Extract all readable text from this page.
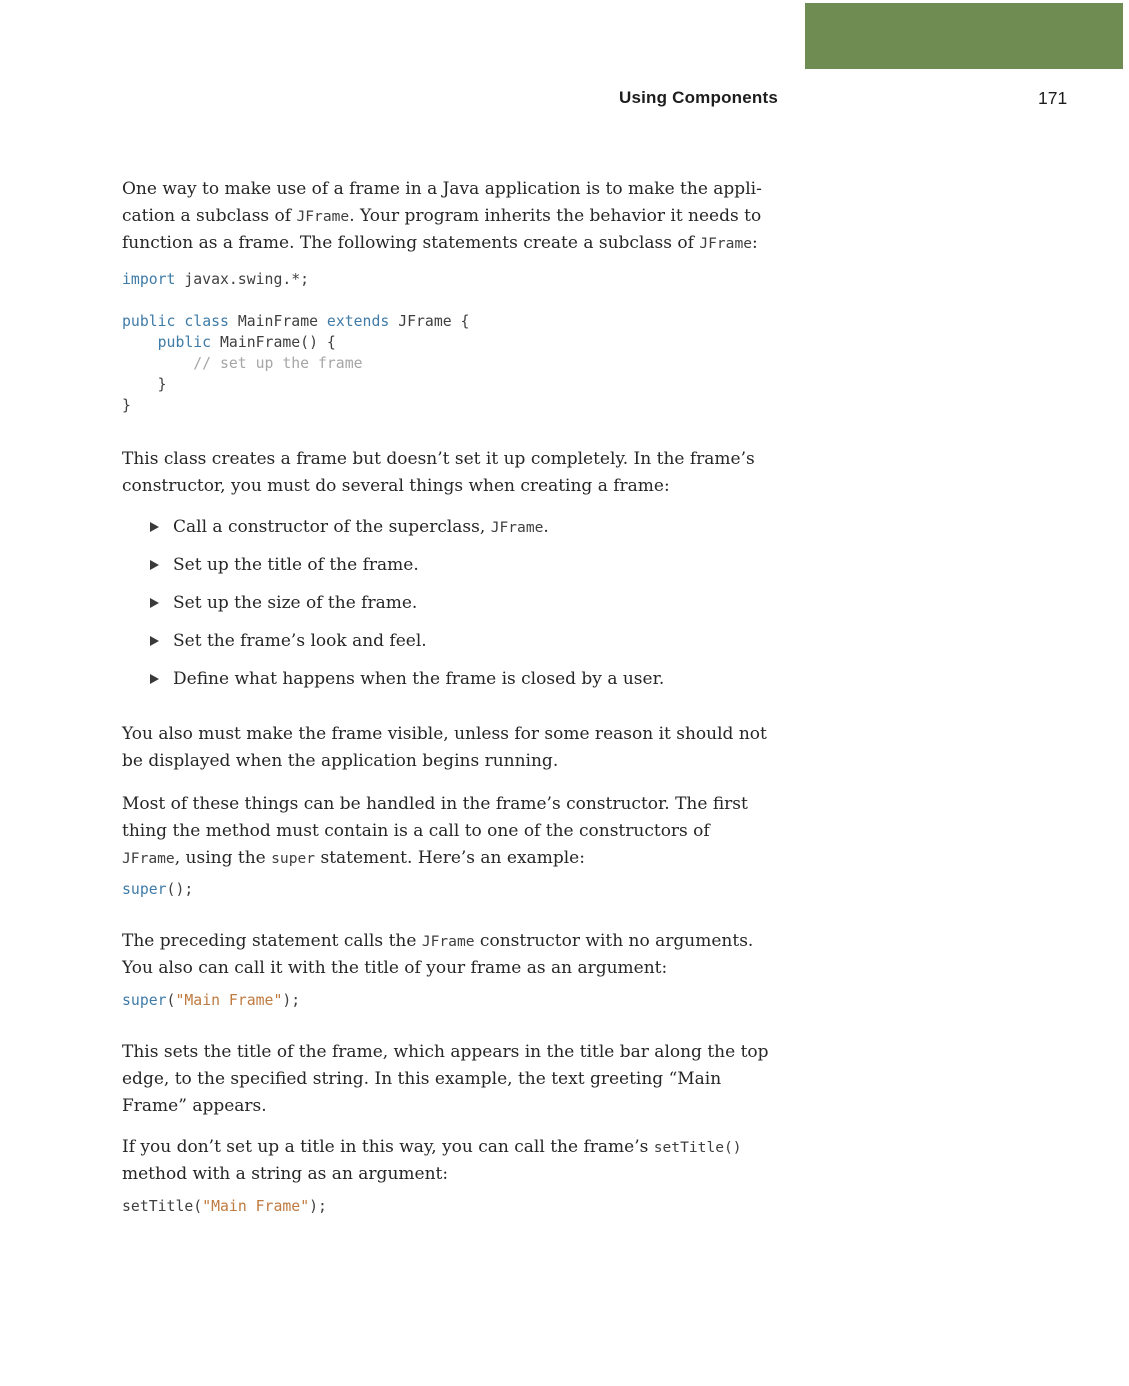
Using Components	171

One way to make use of a frame in a Java application is to make the appli-
cation a subclass of JFrame. Your program inherits the behavior it needs to
function as a frame. The following statements create a subclass of JFrame:

import javax.swing.*;

public class MainFrame extends JFrame {
public MainFrame() {
// set up the frame
}
}

This class creates a frame but doesn’t set it up completely. In the frame’s
constructor, you must do several things when creating a frame:

Call a constructor of the superclass, JFrame.
Set up the title of the frame.
Set up the size of the frame.
Set the frame’s look and feel.
Define what happens when the frame is closed by a user.

You also must make the frame visible, unless for some reason it should not
be displayed when the application begins running.

Most of these things can be handled in the frame’s constructor. The first
thing the method must contain is a call to one of the constructors of
JFrame, using the super statement. Here’s an example:

super();

The preceding statement calls the JFrame constructor with no arguments.
You also can call it with the title of your frame as an argument:

super("Main Frame");

This sets the title of the frame, which appears in the title bar along the top
edge, to the specified string. In this example, the text greeting “Main
Frame” appears.

If you don’t set up a title in this way, you can call the frame’s setTitle()
method with a string as an argument:

setTitle("Main Frame");
